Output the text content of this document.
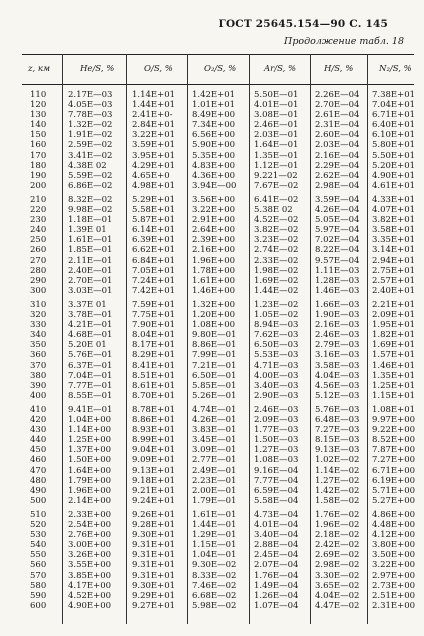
ГОСТ 25645.154—90 С. 145
Продолжение табл. 18
z, км	He/S, %	O/S, %	O₂/S, %	Ar/S, %	H/S, %	N₂/S, %
110	2.17Е—03 1.14Е+01 1.42Е+01 5.50Е—01 2.26Е—04 7.38Е+01
120	4.05Е—03 1.44Е+01 1.01Е+01 4.01Е—01 2.70Е—04 7.04Е+01
130	7.78Е—03 2.41Е+0- 8.49Е+00 3.08Е—01 2.61Е—04 6.71Е+01
140	1.32Е—02 2.84Е+01 7.34Е+00 2.46Е—01 2.31Е—04 6.40Е+01
150	1.91Е—02 3.22Е+01 6.56Е+00 2.03Е—01 2.60Е—04 6.10Е+01
160	2.59Е—02 3.59Е+01 5.90Е+00 1.64Е—01 2.03Е—04 5.80Е+01
170	3.41Е—02 3.95Е+01 5.35Е+00 1.35Е—01 2.16Е—04 5.50Е+01
180	4.38Е 02	4.29Е+01 4.83Е+00 1.12Е—01 2.29Е—04 5.20Е+01
190	5.59Е—02 4.65Е+0	4.36Е+00 9.221—02 2.62Е—04 4.90Е+01
200	6.86Е—02 4.98Е+01 3.94Е—00 7.67Е—02 2.98Е—04 4.61Е+01
210	8.32Е—02 5.29Е+01 3.56Е+00 6.41Е—02 3.59Е—04 4.33Е+01
220	9.98Е—02 5.58Е+01 3.22Е+00 5.38Е 02	4.26Е—04 4.07Е+01
230	1.18Е—01 5.87Е+01 2.91Е+00 4.52Е—02 5.05Е—04 3.82Е+01
240	1.39Е 01	6.14Е+01 2.64Е+00 3.82Е—02 5.97Е—04 3.58Е+01
250	1.61Е—01 6.39Е+01 2.39Е+00 3.23Е—02 7.02Е—04 3.35Е+01
260	1.85Е—01 6.62Е+01 2.16Е+00 2.74Е—02 8.22Е—04 3.14Е+01
270	2.11Е—01 6.84Е+01 1.96Е+00 2.33Е—02 9.57Е—04 2.94Е+01
280	2.40Е—01 7.05Е+01 1.78Е+00 1.98Е—02 1.11Е—03 2.75Е+01
290	2.70Е—01 7.24Е+01 1.61Е+00 1.69Е—02 1.28Е—03 2.57Е+01
300	3.03Е—01 7.42Е+01 1.46Е+00 1.44Е—02 1.46Е—03 2.40Е+01
310	3.37Е 01	7.59Е+01 1.32Е+00 1.23Е—02 1.66Е—03 2.21Е+01
320	3.78Е—01 7.75Е+01 1.20Е+00 1.05Е—02 1.90Е—03 2.09Е+01
330	4.21Е—01 7.90Е+01 1.08Е+00 8.94Е—03 2.16Е—03 1.95Е+01
340	4.68Е—01 8.04Е+01 9.80Е—01 7.62Е—03 2.46Е—03 1.82Е+01
350	5.20Е 01	8.17Е+01 8.86Е—01 6.50Е—03 2.79Е—03 1.69Е+01
360	5.76Е—01 8.29Е+01 7.99Е—01 5.53Е—03 3.16Е—03 1.57Е+01
370	6.37Е—01 8.41Е+01 7.21Е—01 4.71Е—03 3.58Е—03 1.46Е+01
380	7.04Е—01 8.51Е+01 6.50Е—01 4.00Е—03 4.04Е—03 1.35Е+01
390	7.77Е—01 8.61Е+01 5.85Е—01 3.40Е—03 4.56Е—03 1.25Е+01
400	8.55Е—01 8.70Е+01 5.26Е—01 2.90Е—03 5.12Е—03 1.15Е+01
410	9.41Е—01 8.78Е+01 4.74Е—01 2.46Е—03 5.76Е—03 1.08Е+01
420	1.04Е+00 8.86Е+01 4.26Е—01 2.09Е—03 6.48Е—03 9.97Е+00
430	1.14Е+00 8.93Е+01 3.83Е—01 1.77Е—03 7.27Е—03 9.22Е+00
440	1.25Е+00 8.99Е+01 3.45Е—01 1.50Е—03 8.15Е—03 8.52Е+00
450	1.37Е+00 9.04Е+01 3.09Е—01 1.27Е—03 9.13Е—03 7.87Е+00
460	1.50Е+00 9.09Е+01 2.77Е—01 1.08Е—03 1.02Е—02 7.27Е+00
470	1.64Е+00 9.13Е+01 2.49Е—01 9.16Е—04 1.14Е—02 6.71Е+00
480	1.79Е+00 9.18Е+01 2.23Е—01 7.77Е—04 1.27Е—02 6.19Е+00
490	1.96Е+00 9.21Е+01 2.00Е—01 6.59Е—04 1.42Е—02 5.71Е+00
500	2.14Е+00 9.24Е+01 1.79Е—01 5.58Е—04 1.58Е—02 5.27Е+00
510	2.33Е+00 9.26Е+01 1.61Е—01 4.73Е—04 1.76Е—02 4.86Е+00
520	2.54Е+00 9.28Е+01 1.44Е—01 4.01Е—04 1.96Е—02 4.48Е+00
530	2.76Е+00 9.30Е+01 1.29Е—01 3.40Е—04 2.18Е—02 4.12Е+00
540	3.00Е+00 9.31Е+01 1.15Е—01 2.88Е—04 2.42Е—02 3.80Е+00
550	3.26Е+00 9.31Е+01 1.04Е—01 2.45Е—04 2.69Е—02 3.50Е+00
560	3.55Е+00 9.31Е+01 9.30Е—02 2.07Е—04 2.98Е—02 3.22Е+00
570	3.85Е+00 9.31Е+01 8.33Е—02 1.76Е—04 3.30Е—02 2.97Е+00
580	4.17Е+00 9.30Е+01 7.46Е—02 1.49Е—04 3.65Е—02 2.73Е+00
590	4.52Е+00 9.29Е+01 6.68Е—02 1.26Е—04 4.04Е—02 2.51Е+00
600	4.90Е+00 9.27Е+01 5.98Е—02 1.07Е—04 4.47Е—02 2.31Е+00
